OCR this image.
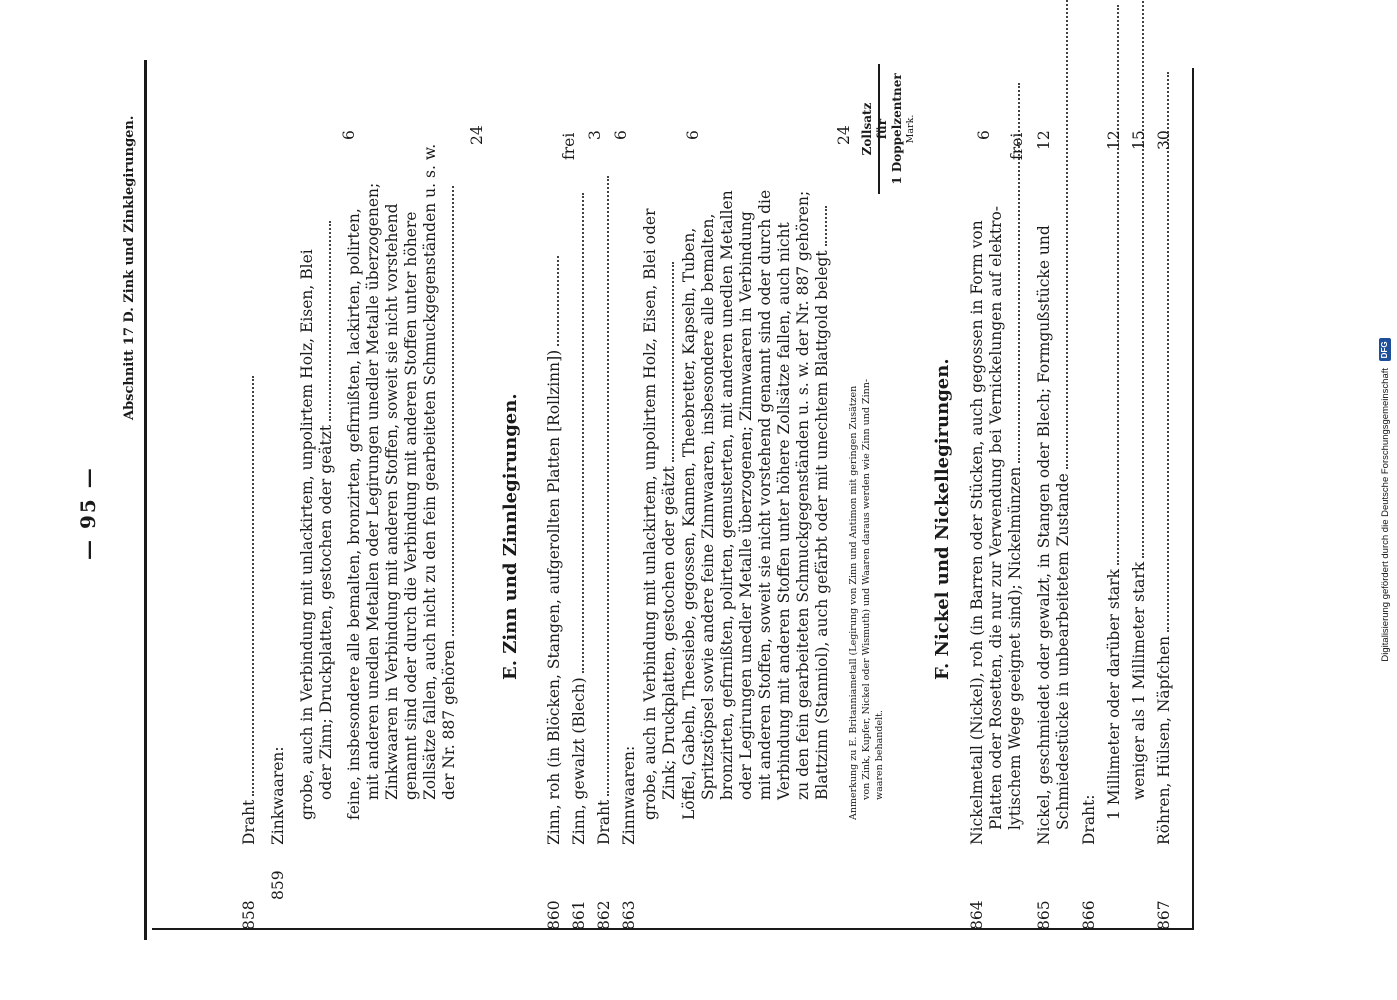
— 95 —
Abschnitt 17 D. Zink und Zinklegirungen.	Zollsatz für 1 Doppelzentner Mark.
858
Draht
6
859
Zinkwaaren: grobe, auch in Verbindung mit unlackirtem, unpolirtem Holz, Eisen, Blei oder Zinn; Druckplatten, gestochen oder geätzt
6
feine, insbesondere alle bemalten, bronzirten, gefirnißten, lackirten, polirten, mit anderen unedlen Metallen oder Legirungen unedler Metalle überzogenen; Zinkwaaren in Verbindung mit anderen Stoffen, soweit sie nicht vorstehend genannt sind oder durch die Verbindung mit anderen Stoffen unter höhere Zollsätze fallen, auch nicht zu den fein gearbeiteten Schmuckgegenständen u. s. w. der Nr. 887 gehören
24
E. Zinn und Zinnlegirungen.
860
Zinn, roh (in Blöcken, Stangen, aufgerollten Platten [Rollzinn])
frei
861
Zinn, gewalzt (Blech)
3
862
Draht
6
863
Zinnwaaren: grobe, auch in Verbindung mit unlackirtem, unpolirtem Holz, Eisen, Blei oder Zink; Druckplatten, gestochen oder geätzt
6
Löffel, Gabeln, Theesiebe, gegossen, Kannen, Theebretter, Kapseln, Tuben, Spritzstöpsel sowie andere feine Zinnwaaren, insbesondere alle bemalten, bronzirten, gefirnißten, polirten, gemusterten, mit anderen unedlen Metallen oder Legirungen unedler Metalle überzogenen; Zinnwaaren in Verbindung mit anderen Stoffen, soweit sie nicht vorstehend genannt sind oder durch die Verbindung mit anderen Stoffen unter höhere Zollsätze fallen, auch nicht zu den fein gearbeiteten Schmuckgegenständen u. s. w. der Nr. 887 gehören; Blattzinn (Stanniol), auch gefärbt oder mit unechtem Blattgold belegt
24
Anmerkung zu E. Britanniametall (Legirung von Zinn und Antimon mit geringen Zusätzen von Zink, Kupfer, Nickel oder Wismuth) und Waaren daraus werden wie Zinn und Zinn- waaren behandelt.
F. Nickel und Nickellegirungen.
864
Nickelmetall (Nickel), roh (in Barren oder Stücken, auch gegossen in Form von Platten oder Rosetten, die nur zur Verwendung bei Vernickelungen auf elektro- lytischem Wege geeignet sind); Nickelmünzen
frei
865
Nickel, geschmiedet oder gewalzt, in Stangen oder Blech; Formgußstücke und Schmiedestücke in unbearbeitetem Zustande
12
866
Draht: 1 Millimeter oder darüber stark
12
weniger als 1 Millimeter stark
15
867
Röhren, Hülsen, Näpfchen
30
Digitalisierung gefördert durch die Deutsche Forschungsgemeinschaft DFG
